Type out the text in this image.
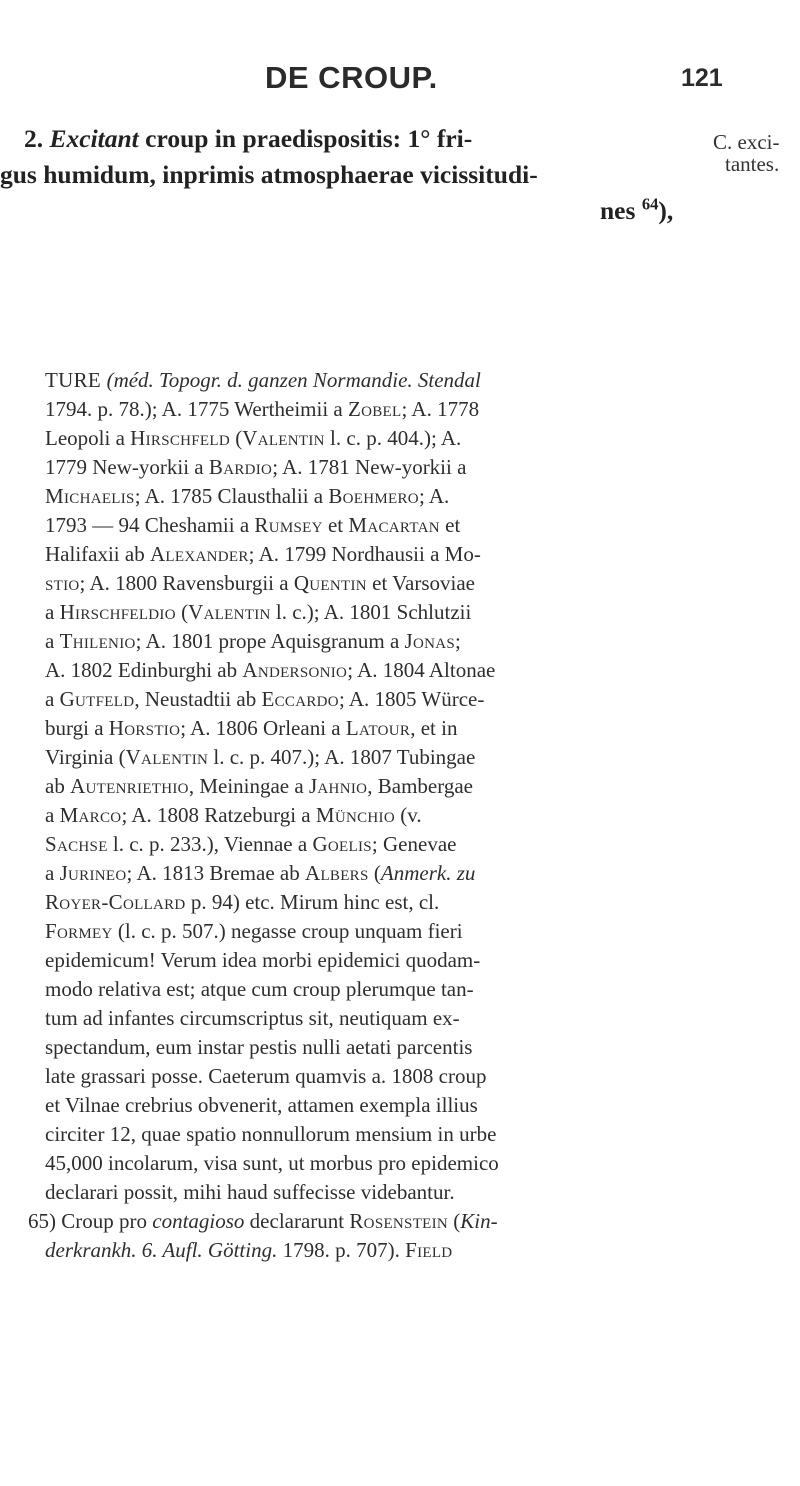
DE CROUP.	121
C. exci-
tantes.
2. Excitant croup in praedispositis: 1° fri-
gus humidum, inprimis atmosphaerae vicissitudi-
nes $^{64}$),
TURE (méd. Topogr. d. ganzen Normandie. Stendal
1794. p. 78.); A. 1775 Wertheimii a Zobel; A. 1778
Leopoli a Hirschfeld (Valentin l. c. p. 404.); A.
1779 New-yorkii a Bardio; A. 1781 New-yorkii a
Michaelis; A. 1785 Clausthalii a Boehmero; A.
1793 — 94 Cheshamii a Rumsey et Macartan et
Halifaxii ab Alexander; A. 1799 Nordhausii a Mo-
stio; A. 1800 Ravensburgii a Quentin et Varsoviae
a Hirschfeldio (Valentin l. c.); A. 1801 Schlutzii
a Thilenio; A. 1801 prope Aquisgranum a Jonas;
A. 1802 Edinburghi ab Andersonio; A. 1804 Altonae
a Gutfeld, Neustadtii ab Eccardo; A. 1805 Würce-
burgi a Horstio; A. 1806 Orleani a Latour, et in
Virginia (Valentin l. c. p. 407.); A. 1807 Tubingae
ab Autenriethio, Meiningae a Jahnio, Bambergae
a Marco; A. 1808 Ratzeburgi a Münchio (v.
Sachse l. c. p. 233.), Viennae a Goelis; Genevae
a Jurineo; A. 1813 Bremae ab Albers (Anmerk. zu
Royer-Collard p. 94) etc. Mirum hinc est, cl.
Formey (l. c. p. 507.) negasse croup unquam fieri
epidemicum! Verum idea morbi epidemici quodam-
modo relativa est; atque cum croup plerumque tan-
tum ad infantes circumscriptus sit, neutiquam ex-
spectandum, eum instar pestis nulli aetati parcentis
late grassari posse. Caeterum quamvis a. 1808 croup
et Vilnae crebrius obvenerit, attamen exempla illius
circiter 12, quae spatio nonnullorum mensium in urbe
45,000 incolarum, visa sunt, ut morbus pro epidemico
declarari possit, mihi haud suffecisse videbantur.
65) Croup pro contagioso declararunt Rosenstein (Kin-
derkrankh. 6. Aufl. Götting. 1798. p. 707). Field
